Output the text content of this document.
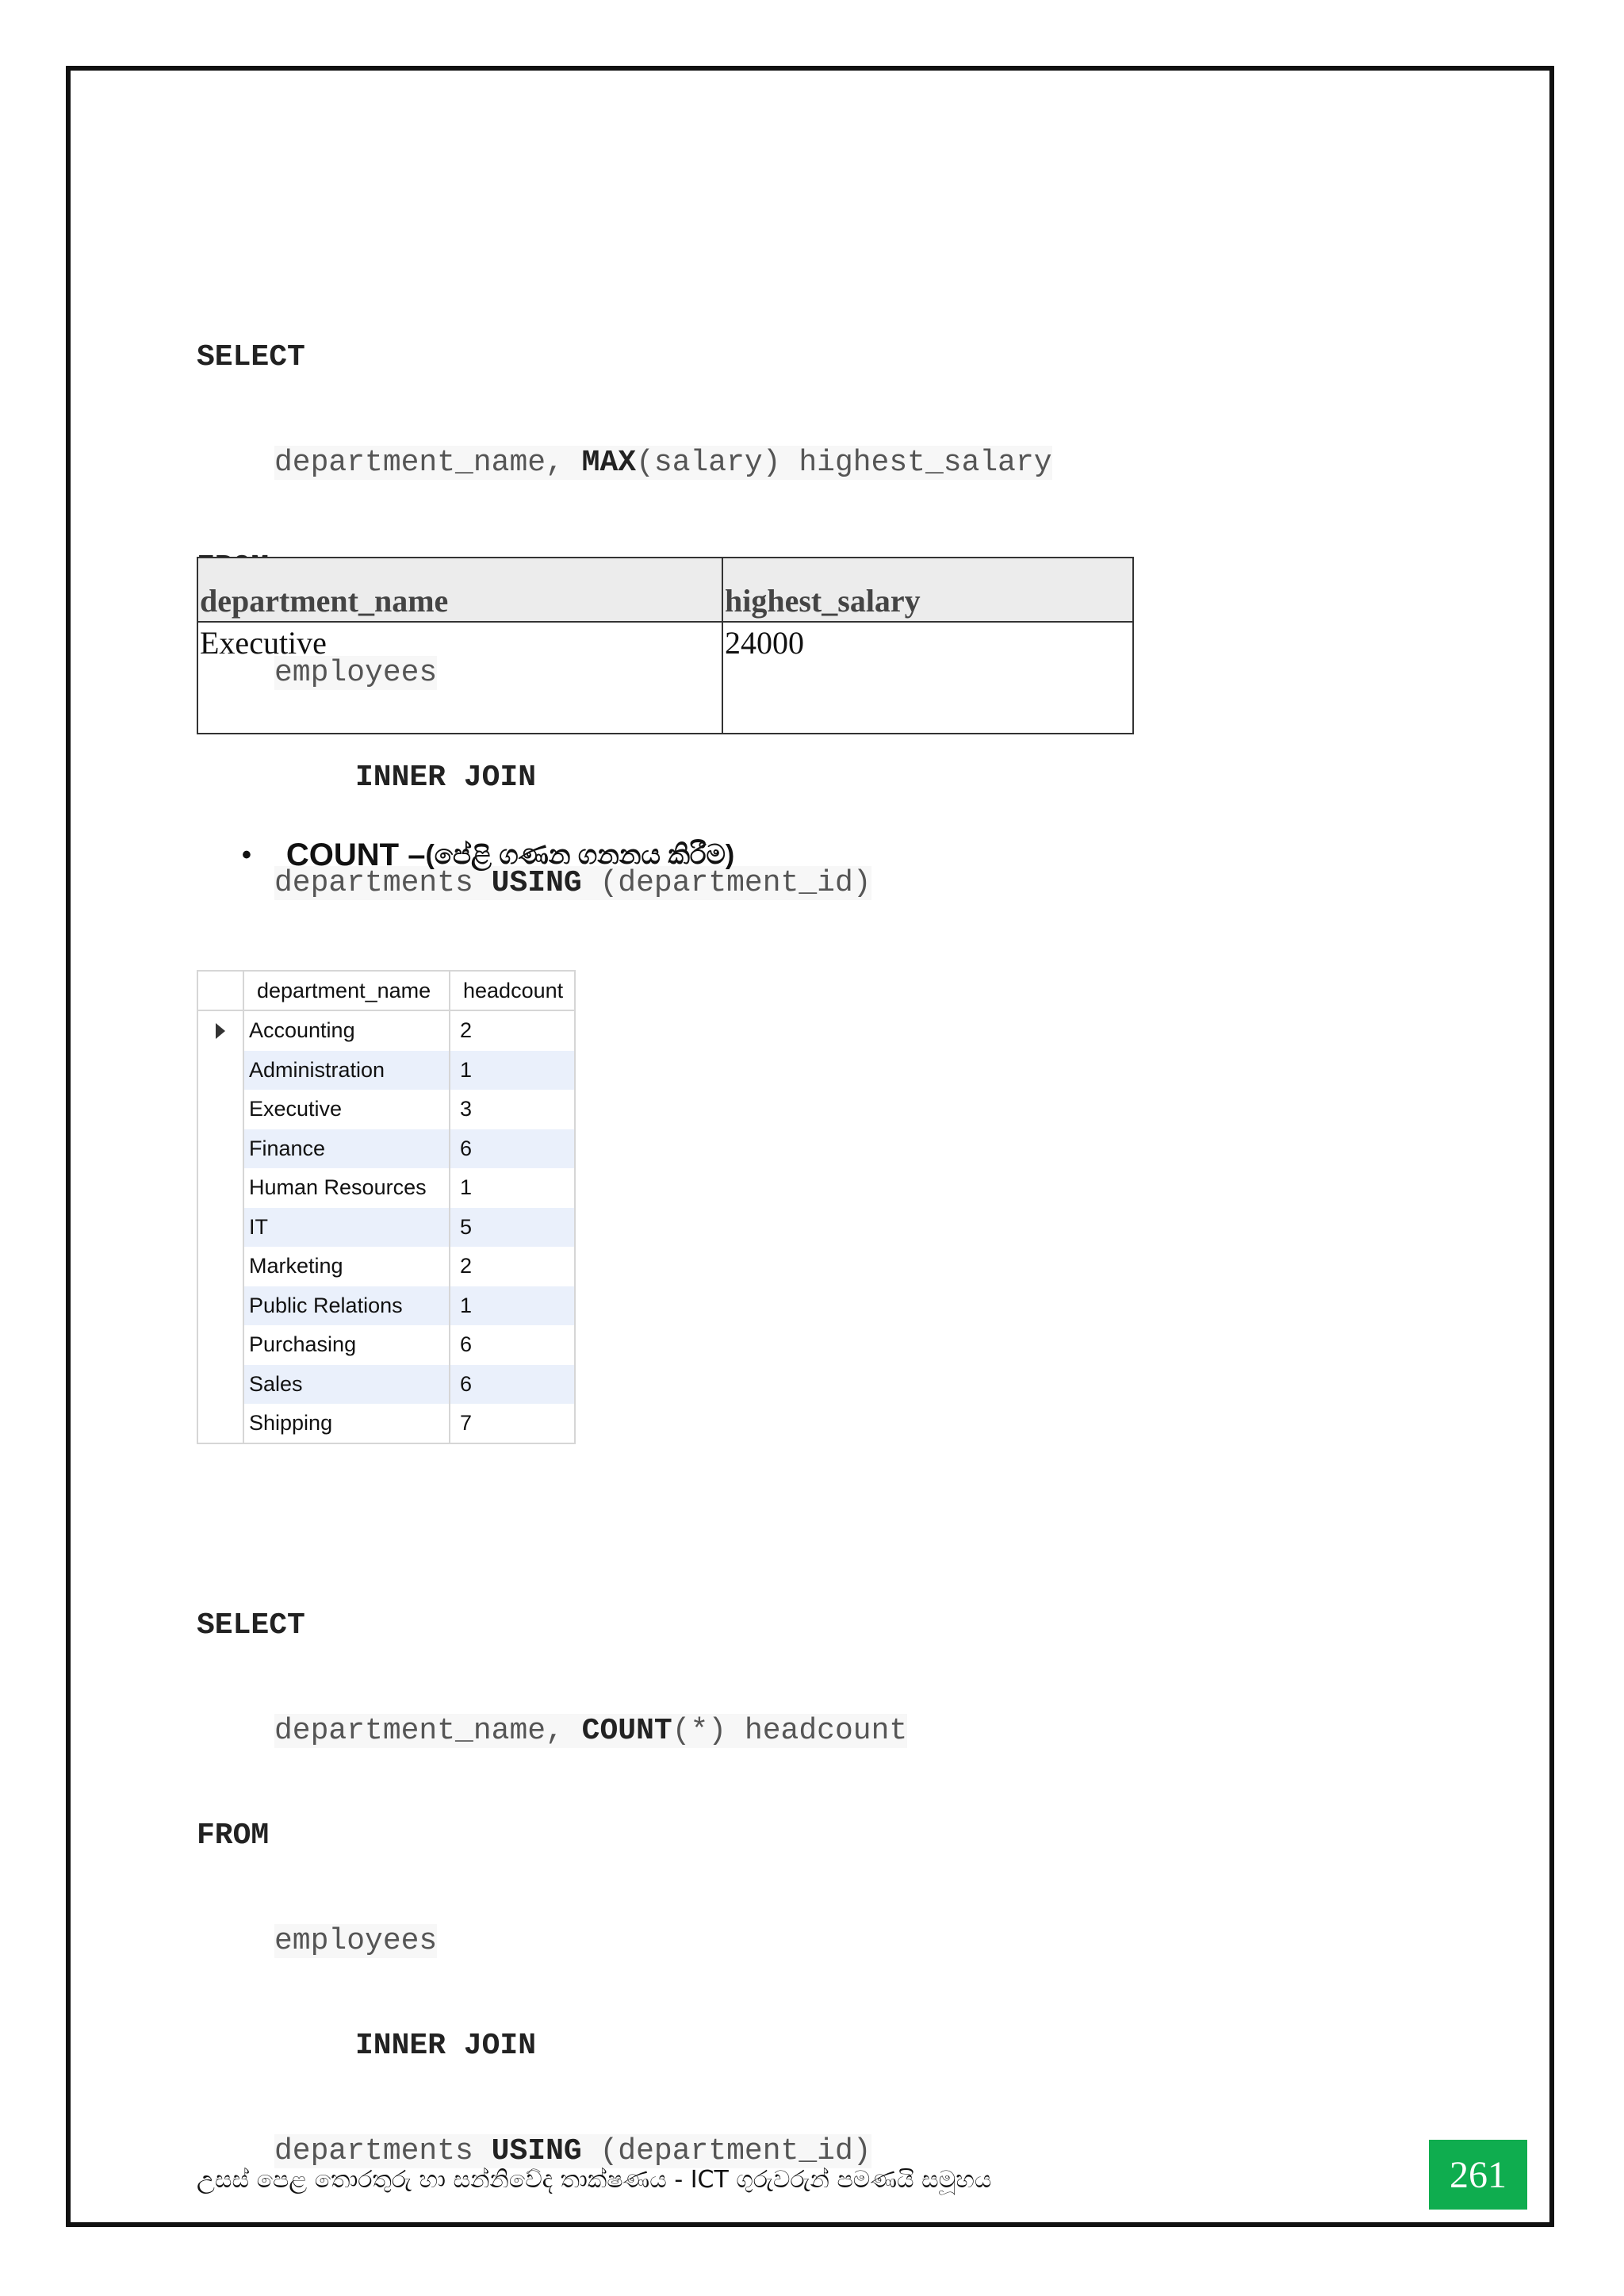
SELECT

department_name, MAX(salary) highest_salary

employees

INNER JOIN

departments USING (department_id)

department_name	highest_salary
Executive	24000
• COUNT – (පේළි ගණන ගනනය කිරීම)
department_name	headcount
Accounting	2
Administration	1
Executive	3
Finance	6
Human Resources	1
IT	5
Marketing	2
Public Relations	1
Purchasing	6
Sales	6
Shipping	7

SELECT

department_name, COUNT(*) headcount

FROM

employees

INNER JOIN

departments USING (department_id)

උසස් පෙළ තොරතුරු හා සන්නිවේද තාක්ෂණය - ICT ගුරුවරුන් පමණයි සමූහය	261
